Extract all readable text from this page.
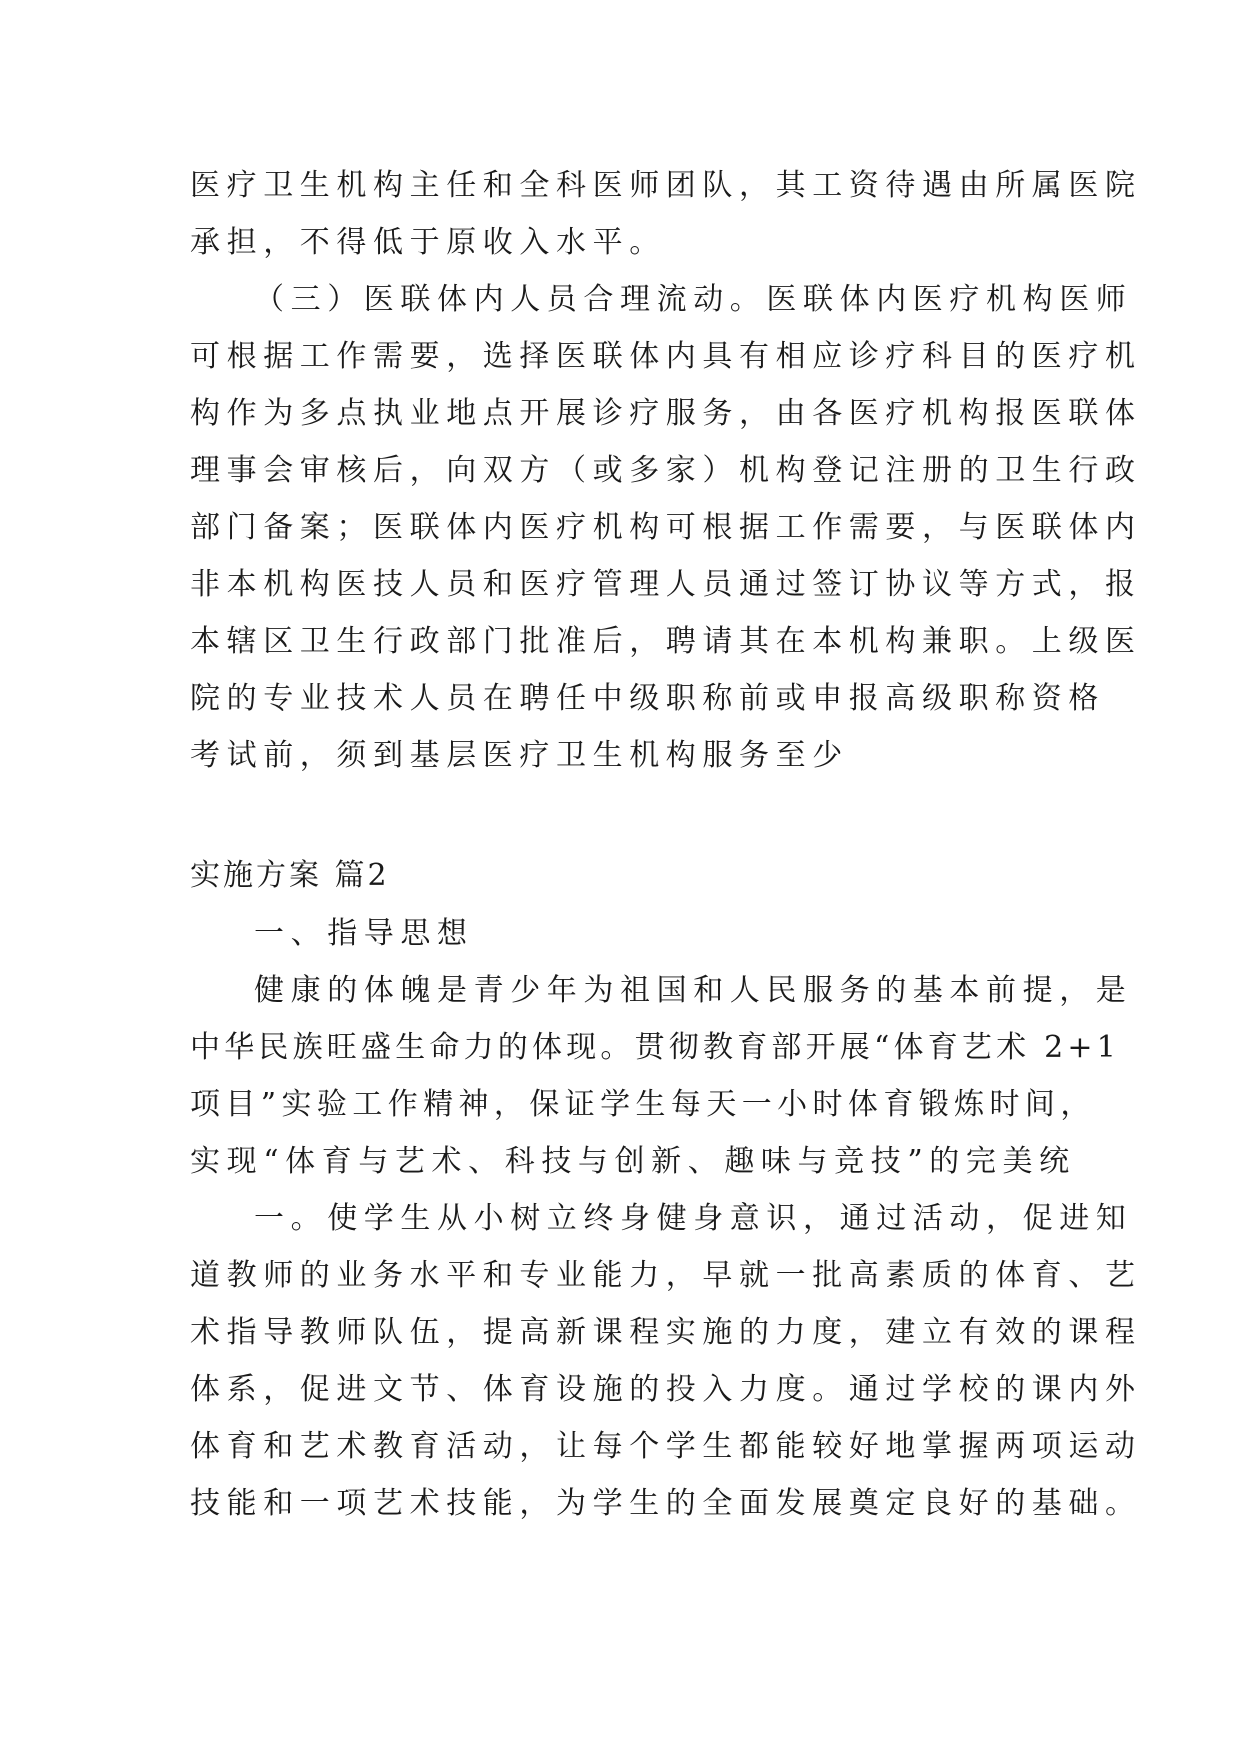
医疗卫生机构主任和全科医师团队，其工资待遇由所属医院

承担，不得低于原收入水平。

（三）医联体内人员合理流动。医联体内医疗机构医师

可根据工作需要，选择医联体内具有相应诊疗科目的医疗机

构作为多点执业地点开展诊疗服务，由各医疗机构报医联体

理事会审核后，向双方（或多家）机构登记注册的卫生行政

部门备案；医联体内医疗机构可根据工作需要，与医联体内

非本机构医技人员和医疗管理人员通过签订协议等方式，报

本辖区卫生行政部门批准后，聘请其在本机构兼职。上级医

院的专业技术人员在聘任中级职称前或申报高级职称资格

考试前，须到基层医疗卫生机构服务至少

实施方案 篇2

一、指导思想

健康的体魄是青少年为祖国和人民服务的基本前提，是

中华民族旺盛生命力的体现。贯彻教育部开展“体育艺术 2+1

项目”实验工作精神，保证学生每天一小时体育锻炼时间，

实现“体育与艺术、科技与创新、趣味与竞技”的完美统

一。使学生从小树立终身健身意识，通过活动，促进知

道教师的业务水平和专业能力，早就一批高素质的体育、艺

术指导教师队伍，提高新课程实施的力度，建立有效的课程

体系，促进文节、体育设施的投入力度。通过学校的课内外

体育和艺术教育活动，让每个学生都能较好地掌握两项运动

技能和一项艺术技能，为学生的全面发展奠定良好的基础。
